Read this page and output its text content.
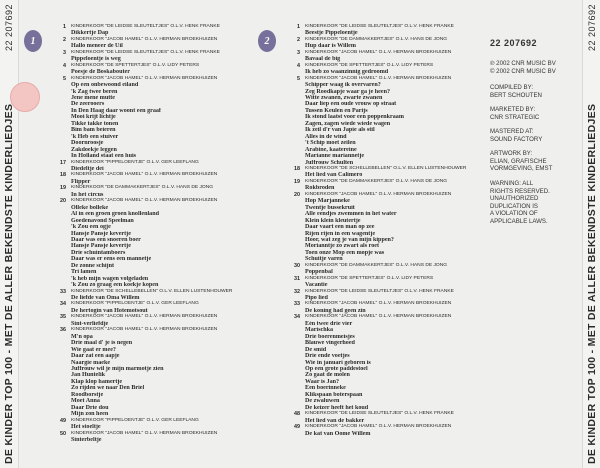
DE KINDER TOP 100 - MET DE ALLER BEKENDSTE KINDERLIEDJES
22 207692 1
1	KINDERKOOR "DE LEIDSE SLEUTELTJES" O.L.V. HENK FRANKE
Dikkertje Dap
2	KINDERKOOR "JACOB HAMEL" O.L.V. HERMAN BROEKHUIZEN
Hallo meneer de Uil
3	KINDERKOOR "DE LEIDSE SLEUTELTJES" O.L.V. HENK FRANKE
Pippeloentje is weg
4	KINDERKOOR "DE SPETTERTJES" O.L.V. LIDY PETERS
Poesje de Boskabouter
5	KINDERKOOR "JACOB HAMEL" O.L.V. HERMAN BROEKHUIZEN
Op een onbewoond eiland
'k Zag twee beren
Jene mene mutte
De zeerooers
In Den Haag daar woont een graaf
Mooi krijt lichtje
Tikke takke tonen
Bim bam beieren
'k Heb een stuiver
Doornroosje
Zakdoekje leggen
In Holland staat een huis
17	KINDERKOOR "PIPPELOENTJE" O.L.V. GER LEEFLANG
Diedeltje dei
18	KINDERKOOR "JACOB HAMEL" O.L.V. HERMAN BROEKHUIZEN
Flipper
19	KINDERKOOR "DE DAMMAKKERTJES" O.L.V. HANS DE JONG
In het circus
20	KINDERKOOR "JACOB HAMEL" O.L.V. HERMAN BROEKHUIZEN
Olleke bolleke
Al in een groen groen knollenland
Goedenavond Speelman
'k Zou een ogje
Hansje Pansje kevertje
Daar was een snoeren boer
Hansje Pansje kevertje
Drie schuintamboers
Daar was er eens een mannetje
De zonne schijnt
Tri lamen
'k heb mijn wagen volgeladen
'k Zou zo graag een koekje kopen
33	KINDERKOOR "DE SCHELLEBELLEN" O.L.V. ELLEN LUSTENHOUWER
De liefde van Oma Willem
34	KINDERKOOR "PIPPELOENTJE" O.L.V. GER LEEFLANG
De hertogin van Hotemotsout
35	KINDERKOOR "JACOB HAMEL" O.L.V. HERMAN BROEKHUIZEN
Sint-verliefdje
36	KINDERKOOR "JACOB HAMEL" O.L.V. HERMAN BROEKHUIZEN
M'n opa
Drie maal d' je is negen
Wie gaat er mee?
Daar zat een aapje
Naargie maeke
Juffrouw wil je mijn marmotje zien
Jan Huntelik
Klap klop hamertje
Zo rijden we naar Den Briel
Roodborstje
Moet Anna
Daar Drie dou
Mijn zon heen
49	KINDERKOOR "PIPPELOENTJE" O.L.V. GER LEEFLANG
Het stoeltje
50	KINDERKOOR "JACOB HAMEL" O.L.V. HERMAN BROEKHUIZEN
Sinterbeltje
2
1	KINDERKOOR "DE LEIDSE SLEUTELTJES" O.L.V. HENK FRANKE
Beestje Pippeloentje
2	KINDERKOOR "DE DAMMAKKERTJES" O.L.V. HANS DE JONG
Hup daar is Willem
3	KINDERKOOR "JACOB HAMEL" O.L.V. HERMAN BROEKHUIZEN
Bavaal de big
4	KINDERKOOR "DE SPETTERTJES" O.L.V. LIDY PETERS
Ik heb zo waanzinnig gedroomd
5	KINDERKOOR "JACOB HAMEL" O.L.V. HERMAN BROEKHUIZEN
Schipper waag ik overvaren?
Zeg Roodkapje waar ga je heen?
Witte zwanen, zwarte zwanen
Daar liep een oude vrouw op straat
Tussen Keulen en Parijs
Ik stond laatst voor een poppenkraam
Zagen, zagen wiede wiede wagen
Ik zeil d'r van Japie als stil
Alles in de wind
't Schip moet zeilen
Arabine, kaatereine
Marianne mariannetje
Juffrouw Schulten
18	KINDERKOOR "DE SCHELLEBELLEN" O.L.V. ELLEN LUSTENHOUWER
Het lied van Calimero
19	KINDERKOOR "DE DAMMAKKERTJES" O.L.V. HANS DE JONG
Rokbroden
20	KINDERKOOR "JACOB HAMEL" O.L.V. HERMAN BROEKHUIZEN
Hop Marjanneke
Twentje bussekruit
Alle eendjes zwemmen in het water
Klein klein kleutertje
Daar vaart een man op zee
Rijen rijen in een wagentje
Hoor, wat zeg je van mijn kippen?
Morianntje zo zwart als roet
Toen onze Mop een mopje was
Schuitje varen
30	KINDERKOOR "DE DAMMAKKERTJES" O.L.V. HANS DE JONG
Poppenbal
31	KINDERKOOR "DE SPETTERTJES" O.L.V. LIDY PETERS
Vacantie
32	KINDERKOOR "DE LEIDSE SLEUTELTJES" O.L.V. HENK FRANKE
Pipo lied
33	KINDERKOOR "JACOB HAMEL" O.L.V. HERMAN BROEKHUIZEN
De koning had geen zin
34	KINDERKOOR "JACOB HAMEL" O.L.V. HERMAN BROEKHUIZEN
Eén twee drie vier
Marischka
Drie boerenmeisjes
Blauwe vingerhoed
De smid
Drie ende voetjes
Wie in januari geboren is
Op een grote paddestoel
Zo gaat de molen
Waar is Jan?
Een boerinneke
Klikspaan boterspaan
De zwaluwen
De keizer heeft het koud
48	KINDERKOOR "DE LEIDSE SLEUTELTJES" O.L.V. HENK FRANKE
Het lied van de bakker
49	KINDERKOOR "JACOB HAMEL" O.L.V. HERMAN BROEKHUIZEN
De kat van Oome Willem
22 207692
℗ 2002 CNR MUSIC BV
© 2002 CNR MUSIC BV
COMPILED BY:
BERT SCHOUTEN
MARKETED BY:
CNR STRATEGIC
MASTERED AT:
SOUND FACTORY
ARTWORK BY:
ELIAN, GRAFISCHE
VORMGEVING, EMST
WARNING: ALL
RIGHTS RESERVED.
UNAUTHORIZED
DUPLICATION IS
A VIOLATION OF
APPLICABLE LAWS.	DE KINDER TOP 100 - MET DE ALLER BEKENDSTE KINDERLIEDJES
22 207692
